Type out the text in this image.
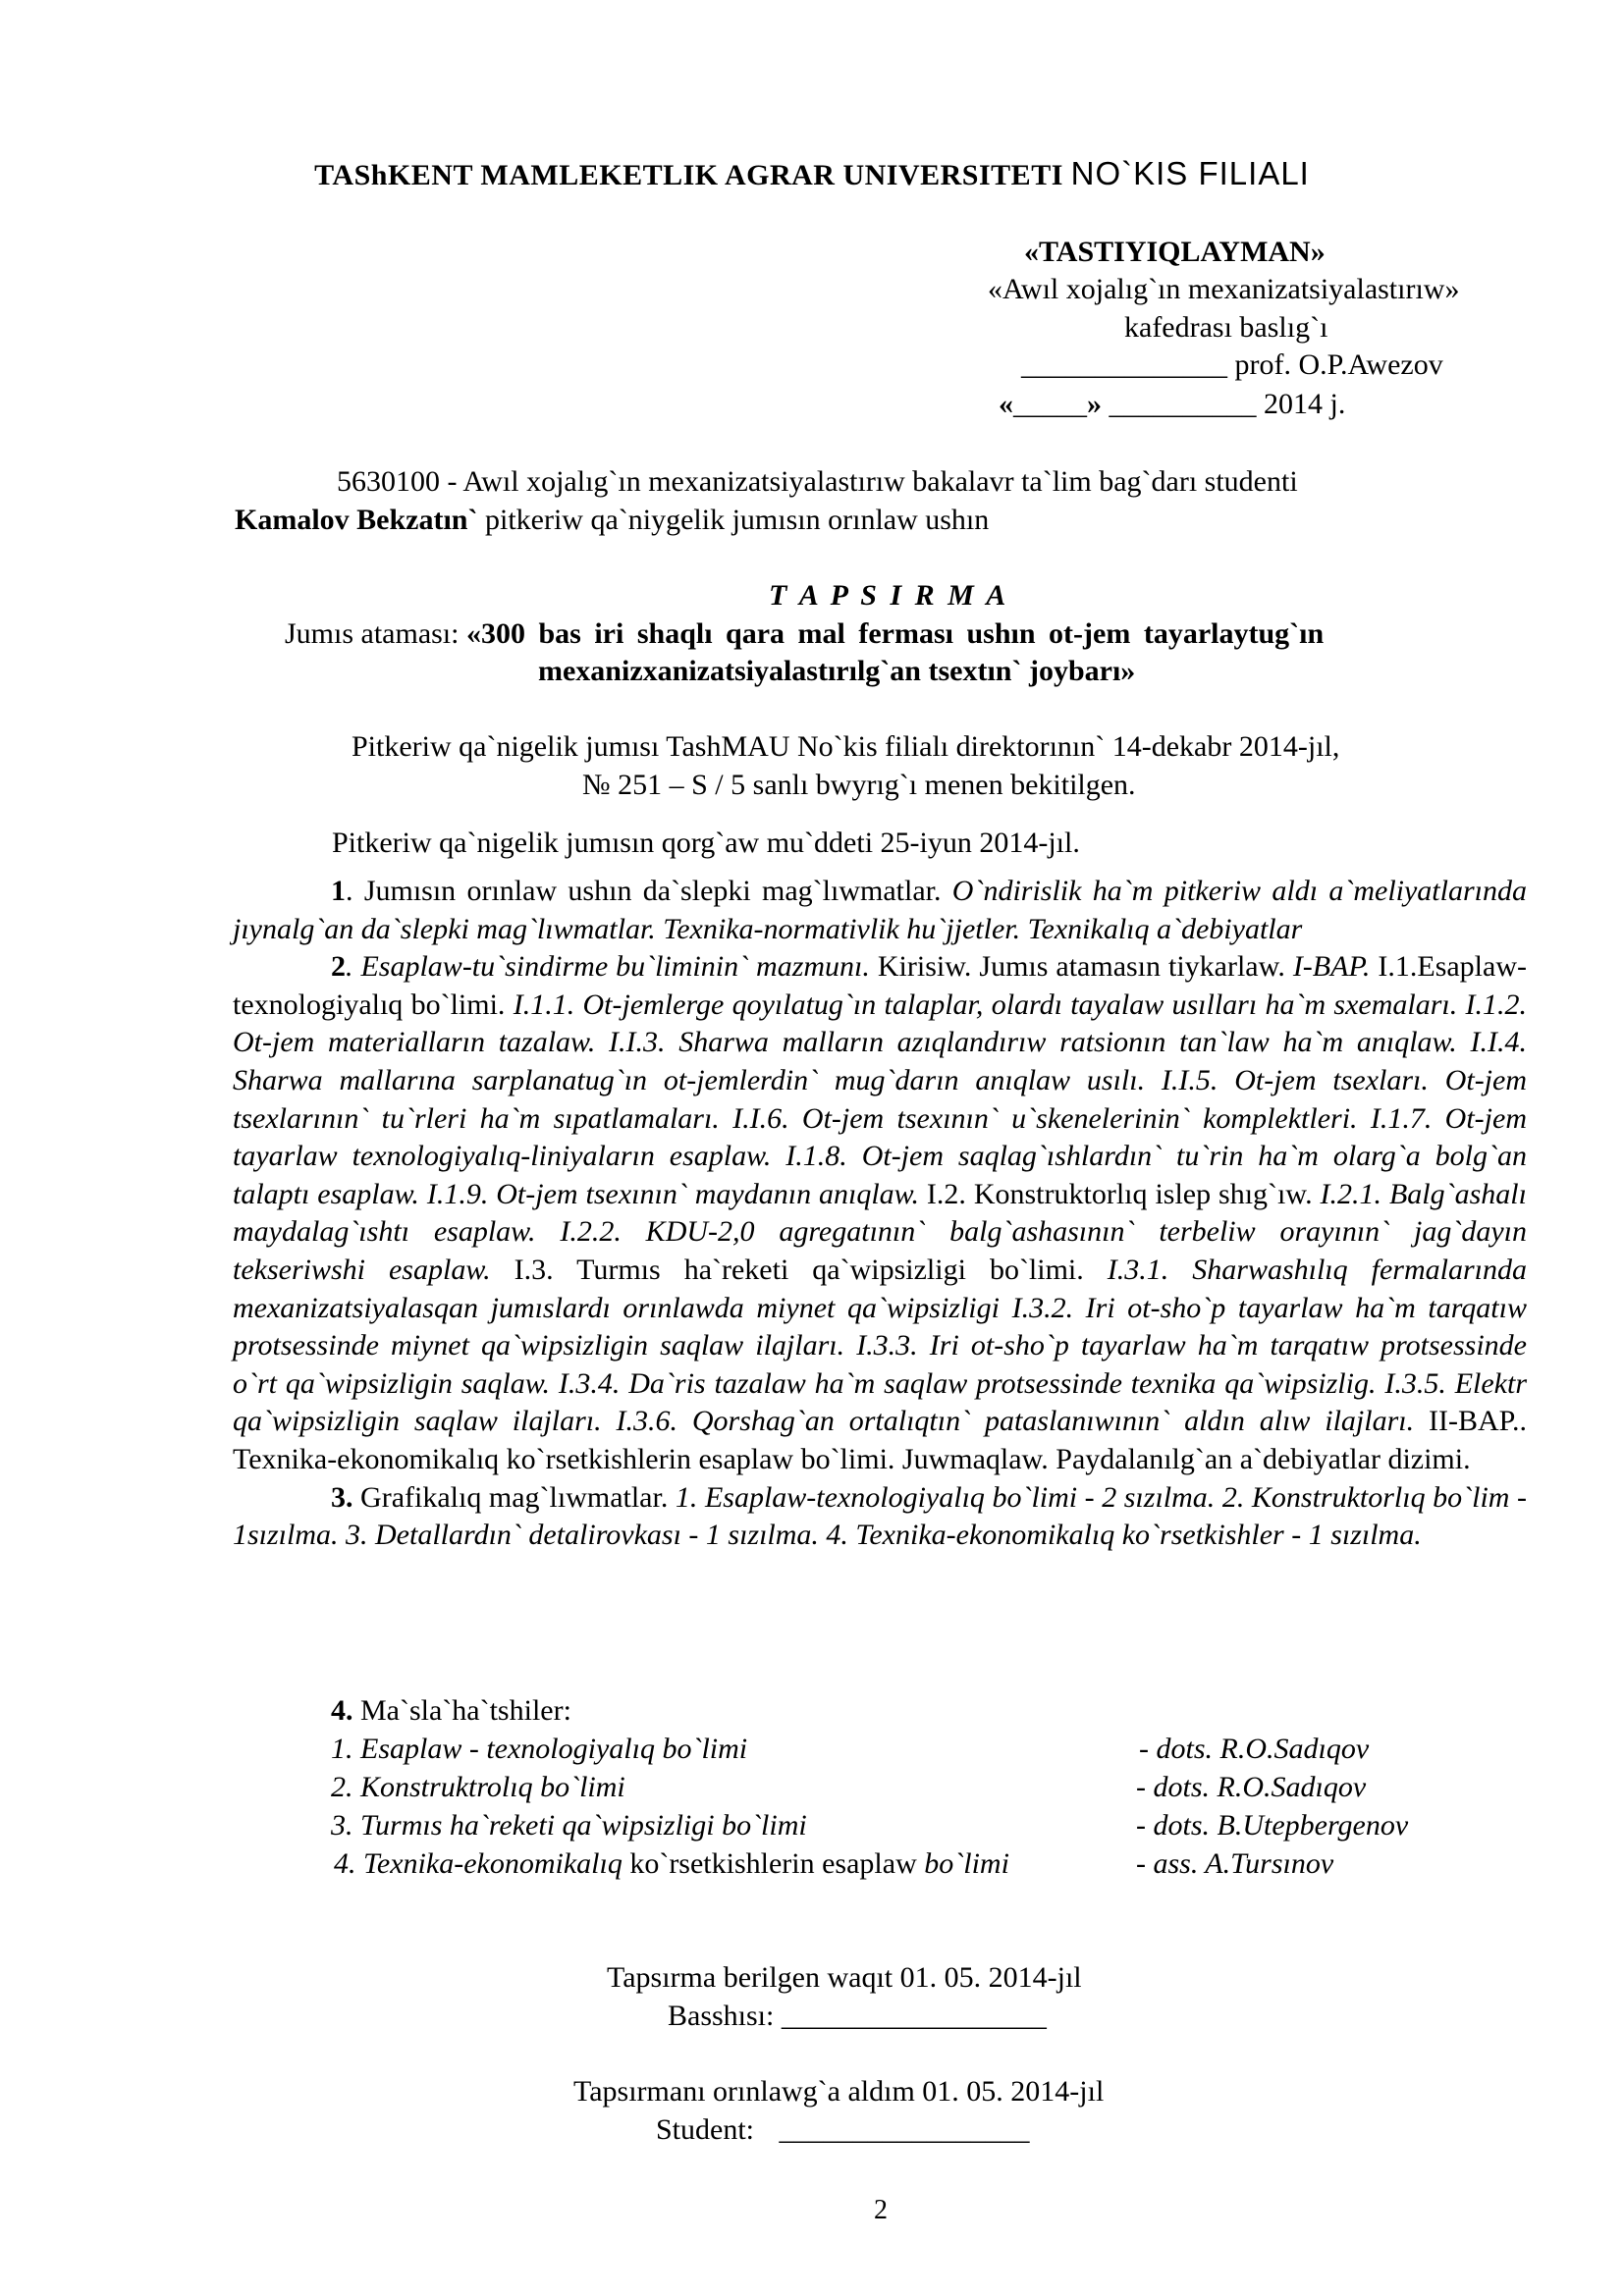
TAShKENT MAMLEKETLIK AGRAR UNIVERSITETI NO`KIS FILIALI
«TASTIYIQLAYMAN»
«Awıl xojalıg`ın mexanizatsiyalastırıw»
kafedrası baslıg`ı
______________ prof. O.P.Awezov
«_____» __________ 2014 j.
5630100 - Awıl xojalıg`ın mexanizatsiyalastırıw bakalavr ta`lim bag`darı studenti
Kamalov Bekzatın` pitkeriw qa`niygelik jumısın orınlaw ushın
T A P S I R M A
Jumıs ataması: «300 bas iri shaqlı qara mal ferması ushın ot-jem tayarlaytug`ın
mexanizxanizatsiyalastırılg`an tsextın` joybarı»
Pitkeriw qa`nigelik jumısı TashMAU No`kis filialı direktorının` 14-dekabr 2014-jıl,
№ 251 – S / 5 sanlı bwyrıg`ı menen bekitilgen.
Pitkeriw qa`nigelik jumısın qorg`aw mu`ddeti 25-iyun 2014-jıl.

1. Jumısın orınlaw ushın da`slepki mag`lıwmatlar. O`ndirislik ha`m pitkeriw aldı a`meliyatlarında jıynalg`an da`slepki mag`lıwmatlar. Texnika-normativlik hu`jjetler. Texnikalıq a`debiyatlar

2. Esaplaw-tu`sindirme bu`liminin` mazmunı. Kirisiw. Jumıs atamasın tiykarlaw. I-BAP. I.1.Esaplaw-texnologiyalıq bo`limi. I.1.1. Ot-jemlerge qoyılatug`ın talaplar, olardı tayalaw usılları ha`m sxemaları. I.1.2. Ot-jem materialların tazalaw. I.I.3. Sharwa malların azıqlandırıw ratsionın tan`law ha`m anıqlaw. I.I.4. Sharwa mallarına sarplanatug`ın ot-jemlerdin` mug`darın anıqlaw usılı. I.I.5. Ot-jem tsexları. Ot-jem tsexlarının` tu`rleri ha`m sıpatlamaları. I.I.6. Ot-jem tsexının` u`skenelerinin` komplektleri. I.1.7. Ot-jem tayarlaw texnologiyalıq-liniyaların esaplaw. I.1.8. Ot-jem saqlag`ıshlardın` tu`rin ha`m olarg`a bolg`an talaptı esaplaw. I.1.9. Ot-jem tsexının` maydanın anıqlaw. I.2. Konstruktorlıq islep shıg`ıw. I.2.1. Balg`ashalı maydalag`ıshtı esaplaw. I.2.2. KDU-2,0 agregatının` balg`ashasının` terbeliw orayının` jag`dayın tekseriwshi esaplaw. I.3. Turmıs ha`reketi qa`wipsizligi bo`limi. I.3.1. Sharwashılıq fermalarında mexanizatsiyalasqan jumıslardı orınlawda miynet qa`wipsizligi I.3.2. Iri ot-sho`p tayarlaw ha`m tarqatıw protsessinde miynet qa`wipsizligin saqlaw ilajları. I.3.3. Iri ot-sho`p tayarlaw ha`m tarqatıw protsessinde o`rt qa`wipsizligin saqlaw. I.3.4. Da`ris tazalaw ha`m saqlaw protsessinde texnika qa`wipsizlig. I.3.5. Elektr qa`wipsizligin saqlaw ilajları. I.3.6. Qorshag`an ortalıqtın` pataslanıwının` aldın alıw ilajları. II-BAP.. Texnika-ekonomikalıq ko`rsetkishlerin esaplaw bo`limi. Juwmaqlaw. Paydalanılg`an a`debiyatlar dizimi.

3. Grafikalıq mag`lıwmatlar. 1. Esaplaw-texnologiyalıq bo`limi - 2 sızılma. 2. Konstruktorlıq bo`lim - 1sızılma. 3. Detallardın` detalirovkası - 1 sızılma. 4. Texnika-ekonomikalıq ko`rsetkishler - 1 sızılma.

4. Ma`sla`ha`tshiler:
1. Esaplaw - texnologiyalıq bo`limi	- dots. R.O.Sadıqov
2. Konstruktrolıq bo`limi	- dots. R.O.Sadıqov
3. Turmıs ha`reketi qa`wipsizligi bo`limi	- dots. B.Utepbergenov
4. Texnika-ekonomikalıq ko`rsetkishlerin esaplaw bo`limi	- ass. A.Tursınov
Tapsırma berilgen waqıt 01. 05. 2014-jıl
Basshısı: __________________
Tapsırmanı orınlawg`a aldım 01. 05. 2014-jıl
Student: _________________
2
